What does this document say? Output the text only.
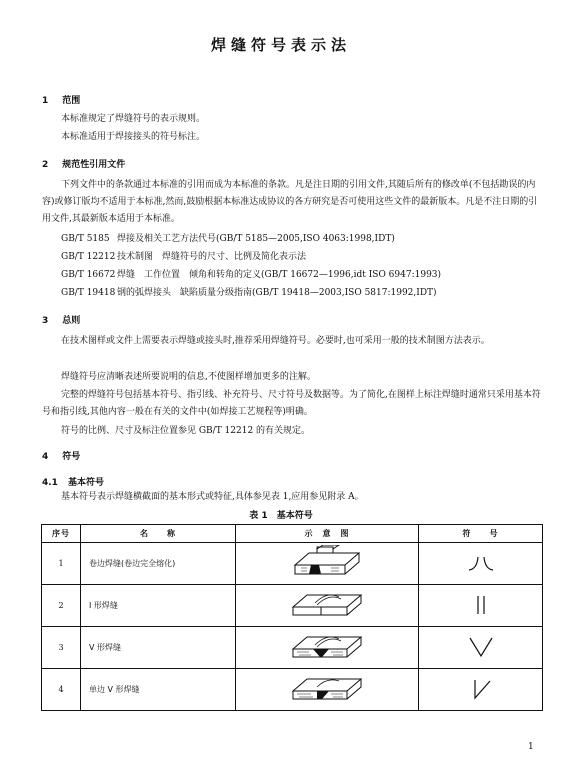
焊缝符号表示法
1 范围
本标准规定了焊缝符号的表示规则。
本标准适用于焊接接头的符号标注。
2 规范性引用文件
下列文件中的条款通过本标准的引用而成为本标准的条款。凡是注日期的引用文件,其随后所有的修改单(不包括勘误的内容)或修订版均不适用于本标准,然而,鼓励根据本标准达成协议的各方研究是否可使用这些文件的最新版本。凡是不注日期的引用文件,其最新版本适用于本标准。
GB/T 5185 焊接及相关工艺方法代号(GB/T 5185—2005,ISO 4063:1998,IDT)
GB/T 12212 技术制图　焊缝符号的尺寸、比例及简化表示法
GB/T 16672 焊缝　工作位置　倾角和转角的定义(GB/T 16672—1996,idt ISO 6947:1993)
GB/T 19418 钢的弧焊接头　缺陷质量分级指南(GB/T 19418—2003,ISO 5817:1992,IDT)
3 总则
在技术图样或文件上需要表示焊缝或接头时,推荐采用焊缝符号。必要时,也可采用一般的技术制图方法表示。
焊缝符号应清晰表述所要说明的信息,不使图样增加更多的注解。
完整的焊缝符号包括基本符号、指引线、补充符号、尺寸符号及数据等。为了简化,在图样上标注焊缝时通常只采用基本符号和指引线,其他内容一般在有关的文件中(如焊接工艺规程等)明确。
符号的比例、尺寸及标注位置参见 GB/T 12212 的有关规定。
4 符号
4.1 基本符号
基本符号表示焊缝横截面的基本形式或特征,具体参见表 1,应用参见附录 A。
表 1　基本符号
序号	名　　称	示　意　图	符　　号
1	卷边焊缝(卷边完全熔化)		
2	I 形焊缝		
3	V 形焊缝		
4	单边 V 形焊缝		
1
